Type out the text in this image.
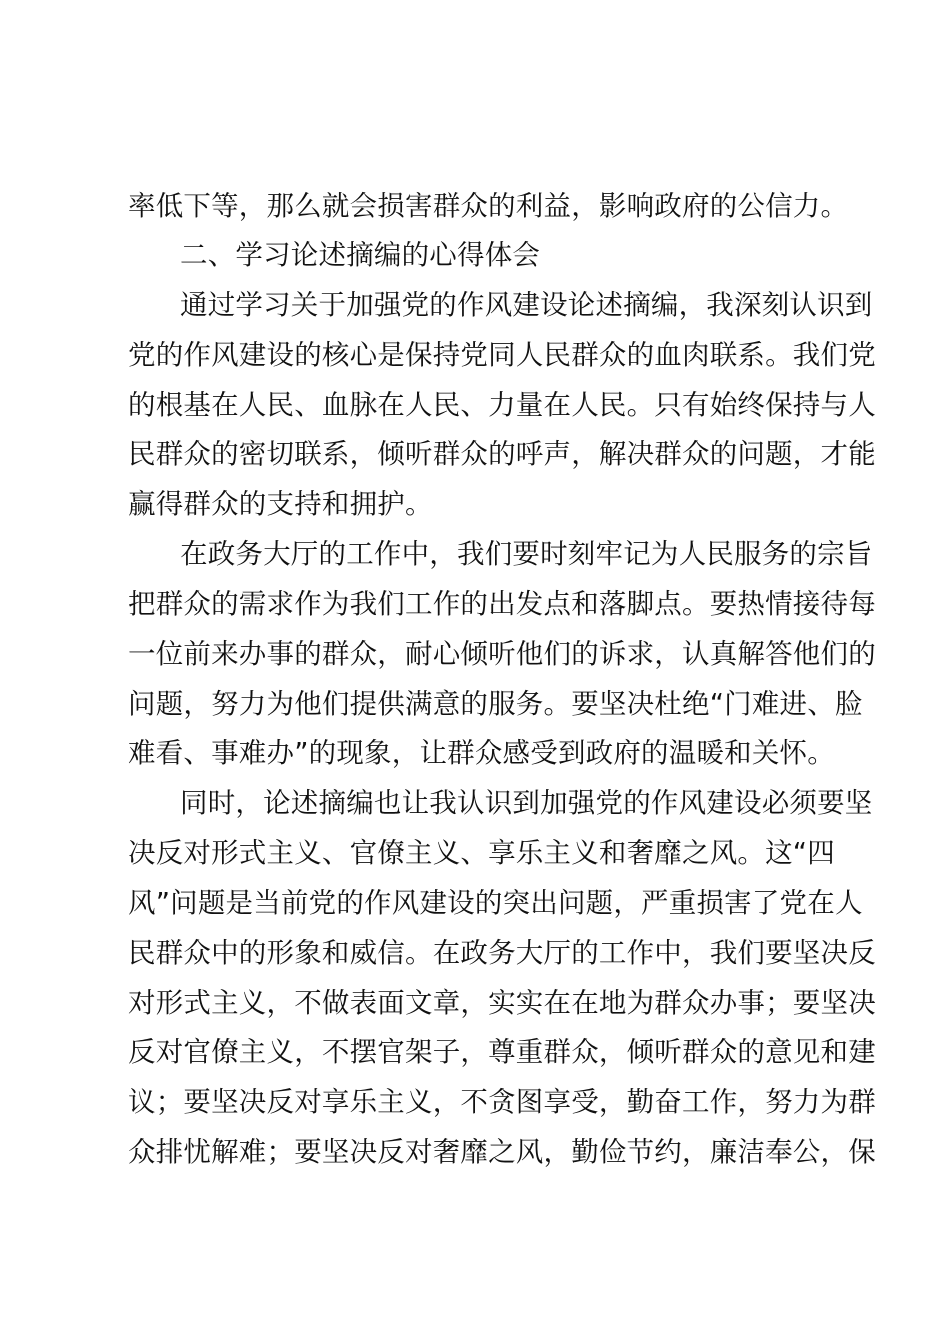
率低下等，那么就会损害群众的利益，影响政府的公信力。
二、学习论述摘编的心得体会
通过学习关于加强党的作风建设论述摘编，我深刻认识到
党的作风建设的核心是保持党同人民群众的血肉联系。我们党
的根基在人民、血脉在人民、力量在人民。只有始终保持与人
民群众的密切联系，倾听群众的呼声，解决群众的问题，才能
赢得群众的支持和拥护。
在政务大厅的工作中，我们要时刻牢记为人民服务的宗旨
把群众的需求作为我们工作的出发点和落脚点。要热情接待每
一位前来办事的群众，耐心倾听他们的诉求，认真解答他们的
问题，努力为他们提供满意的服务。要坚决杜绝“门难进、脸
难看、事难办”的现象，让群众感受到政府的温暖和关怀。
同时，论述摘编也让我认识到加强党的作风建设必须要坚
决反对形式主义、官僚主义、享乐主义和奢靡之风。这“四
风”问题是当前党的作风建设的突出问题，严重损害了党在人
民群众中的形象和威信。在政务大厅的工作中，我们要坚决反
对形式主义，不做表面文章，实实在在地为群众办事；要坚决
反对官僚主义，不摆官架子，尊重群众，倾听群众的意见和建
议；要坚决反对享乐主义，不贪图享受，勤奋工作，努力为群
众排忧解难；要坚决反对奢靡之风，勤俭节约，廉洁奉公，保
